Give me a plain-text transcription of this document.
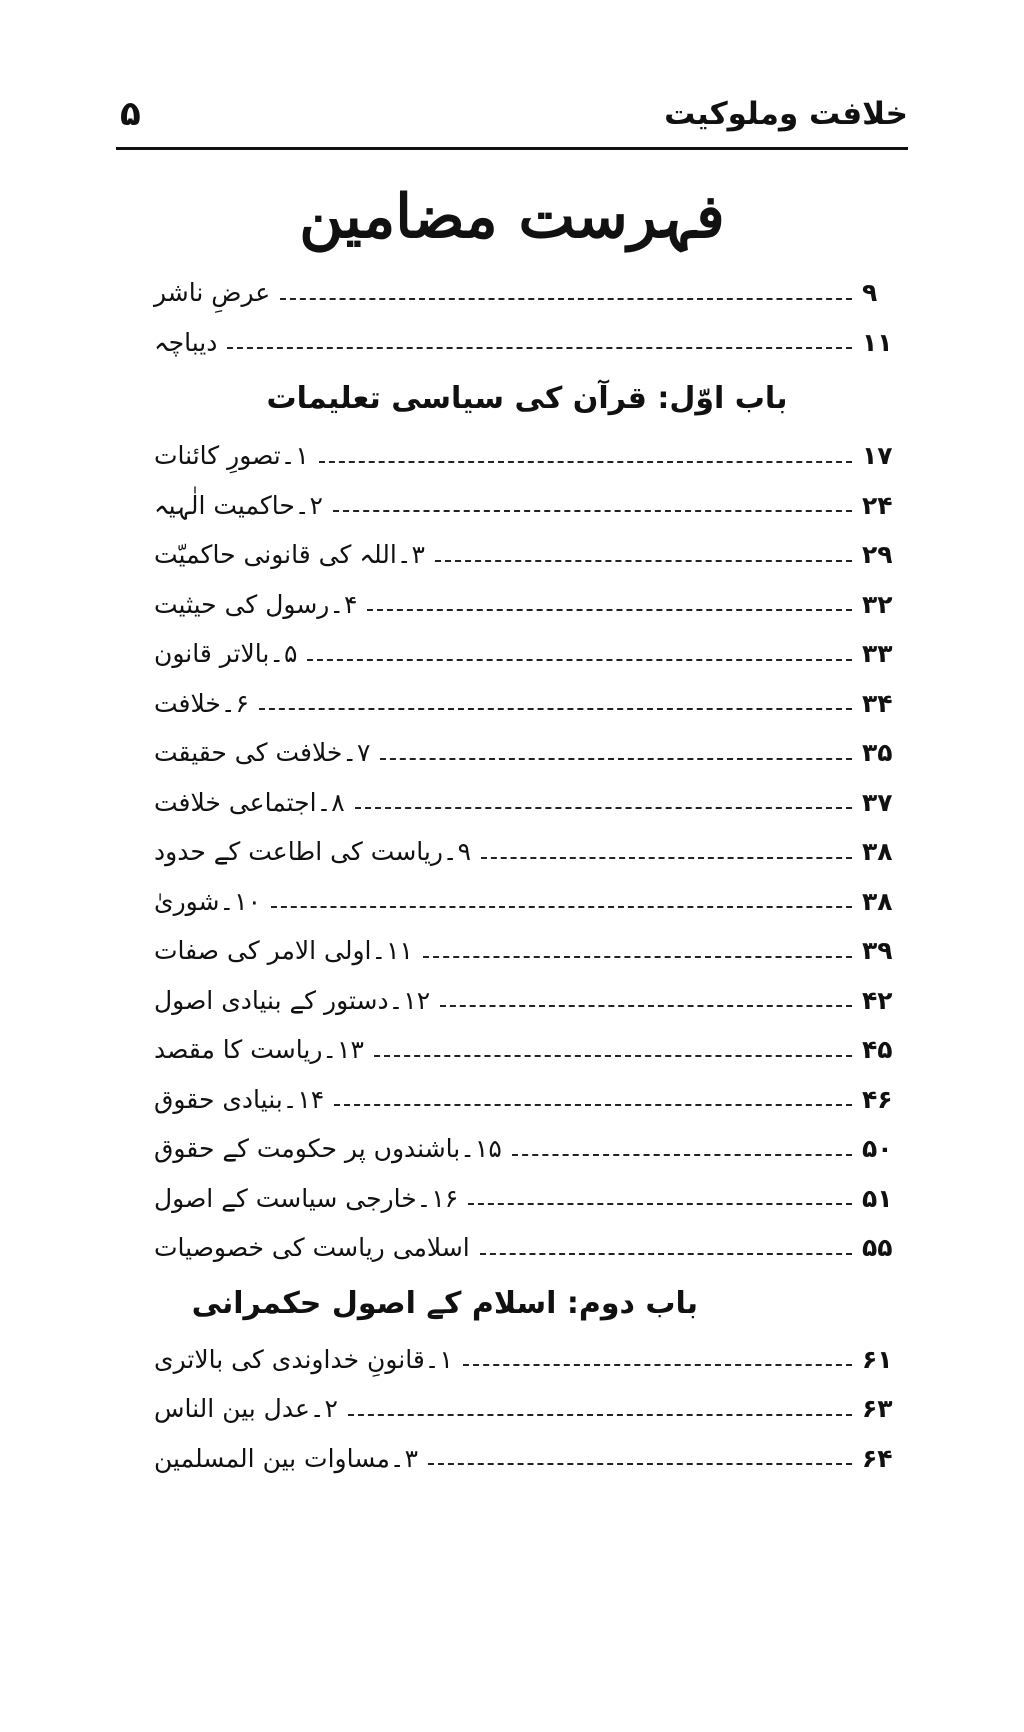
خلافت وملوکیت
۵
فہرست مضامین
عرضِ ناشر	۹
دیباچہ	۱۱
باب اوّل: قرآن کی سیاسی تعلیمات
۱۔تصورِ کائنات	۱۷
۲۔حاکمیت الٰہیہ	۲۴
۳۔اللہ کی قانونی حاکمیّت	۲۹
۴۔رسول کی حیثیت	۳۲
۵۔بالاتر قانون	۳۳
۶۔خلافت	۳۴
۷۔خلافت کی حقیقت	۳۵
۸۔اجتماعی خلافت	۳۷
۹۔ریاست کی اطاعت کے حدود	۳۸
۱۰۔شوریٰ	۳۸
۱۱۔اولی الامر کی صفات	۳۹
۱۲۔دستور کے بنیادی اصول	۴۲
۱۳۔ریاست کا مقصد	۴۵
۱۴۔بنیادی حقوق	۴۶
۱۵۔باشندوں پر حکومت کے حقوق	۵۰
۱۶۔خارجی سیاست کے اصول	۵۱
اسلامی ریاست کی خصوصیات	۵۵
باب دوم: اسلام کے اصول حکمرانی
۱۔قانونِ خداوندی کی بالاتری	۶۱
۲۔عدل بین الناس	۶۳
۳۔مساوات بین المسلمین	۶۴
